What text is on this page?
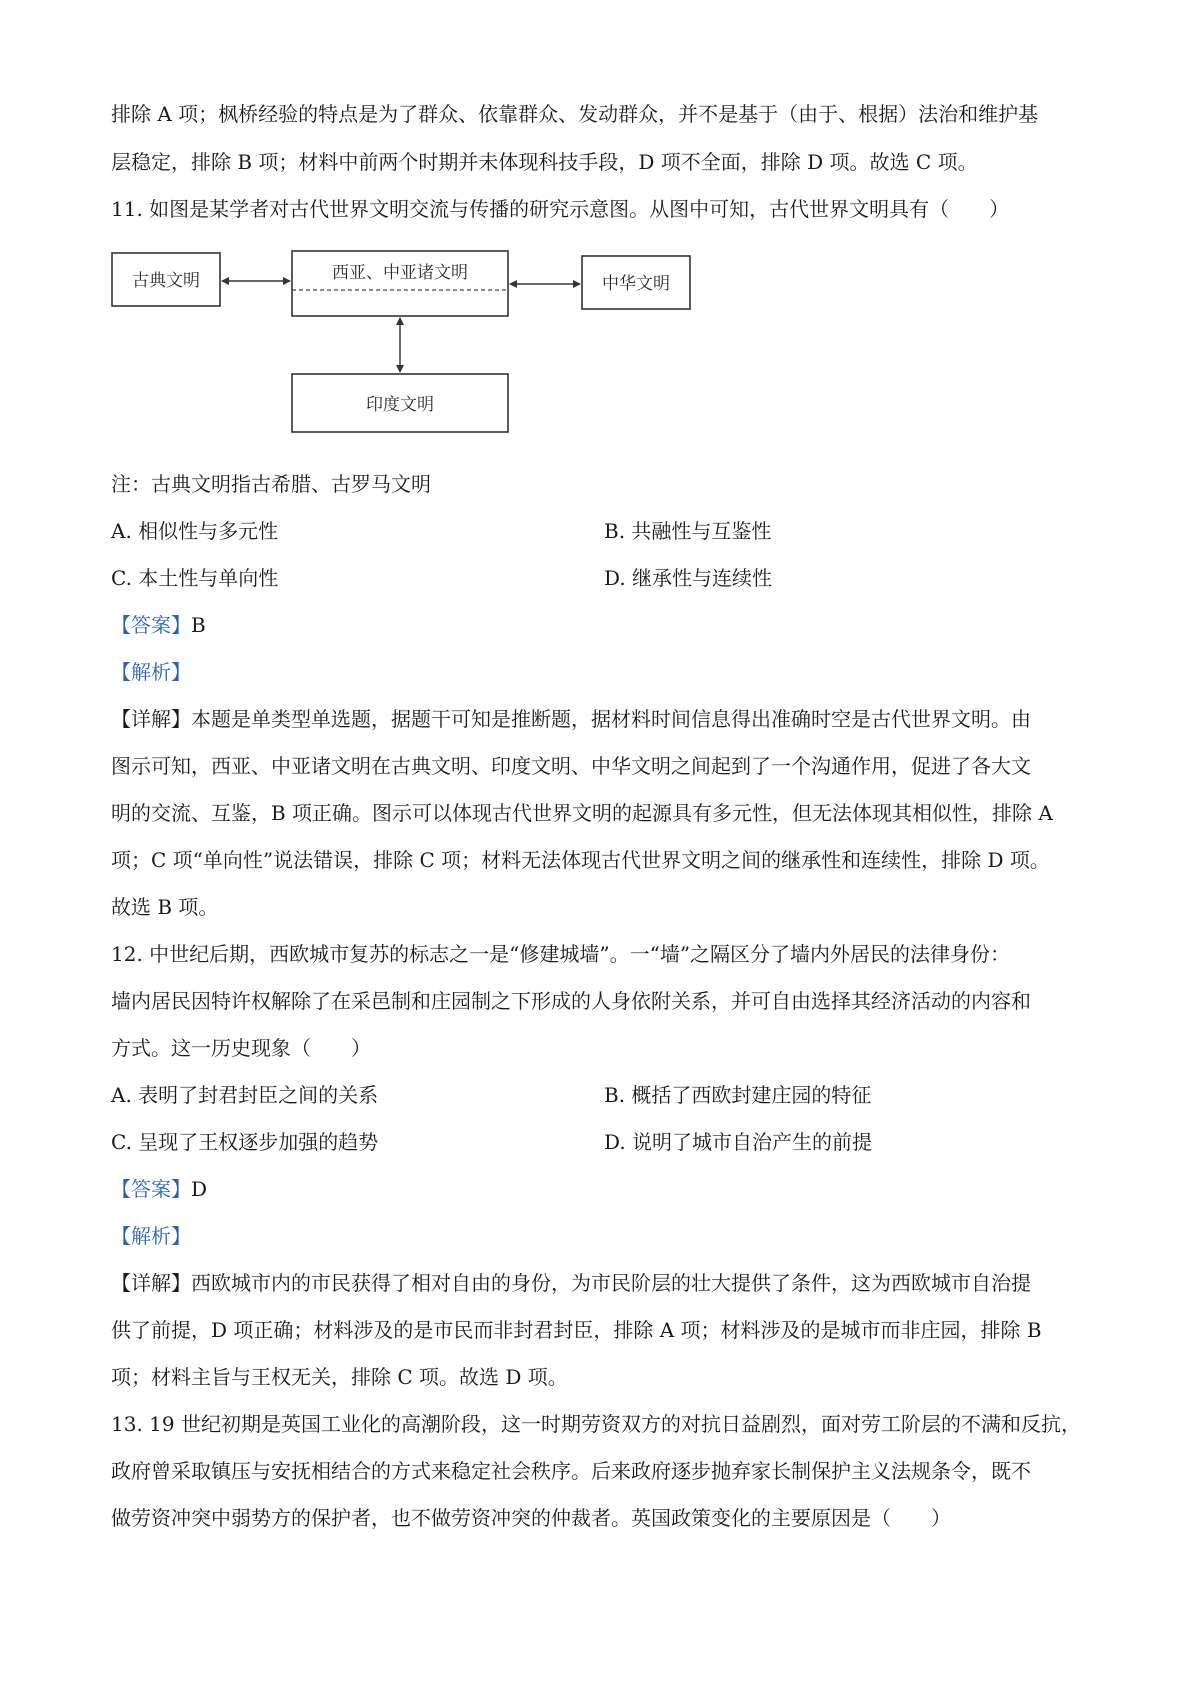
排除 A 项；枫桥经验的特点是为了群众、依靠群众、发动群众，并不是基于（由于、根据）法治和维护基
层稳定，排除 B 项；材料中前两个时期并未体现科技手段，D 项不全面，排除 D 项。故选 C 项。
11. 如图是某学者对古代世界文明交流与传播的研究示意图。从图中可知，古代世界文明具有（　　）
古典文明	西亚、中亚诸文明
中华文明
印度文明
注：古典文明指古希腊、古罗马文明
A. 相似性与多元性	B. 共融性与互鉴性
C. 本土性与单向性	D. 继承性与连续性
【答案】B
【解析】
【详解】本题是单类型单选题，据题干可知是推断题，据材料时间信息得出准确时空是古代世界文明。由
图示可知，西亚、中亚诸文明在古典文明、印度文明、中华文明之间起到了一个沟通作用，促进了各大文
明的交流、互鉴，B 项正确。图示可以体现古代世界文明的起源具有多元性，但无法体现其相似性，排除 A
项；C 项“单向性”说法错误，排除 C 项；材料无法体现古代世界文明之间的继承性和连续性，排除 D 项。
故选 B 项。
12. 中世纪后期，西欧城市复苏的标志之一是“修建城墙”。一“墙”之隔区分了墙内外居民的法律身份：
墙内居民因特许权解除了在采邑制和庄园制之下形成的人身依附关系，并可自由选择其经济活动的内容和
方式。这一历史现象（　　）
A. 表明了封君封臣之间的关系	B. 概括了西欧封建庄园的特征
C. 呈现了王权逐步加强的趋势	D. 说明了城市自治产生的前提
【答案】D
【解析】
【详解】西欧城市内的市民获得了相对自由的身份，为市民阶层的壮大提供了条件，这为西欧城市自治提
供了前提，D 项正确；材料涉及的是市民而非封君封臣，排除 A 项；材料涉及的是城市而非庄园，排除 B
项；材料主旨与王权无关，排除 C 项。故选 D 项。
13. 19 世纪初期是英国工业化的高潮阶段，这一时期劳资双方的对抗日益剧烈，面对劳工阶层的不满和反抗，
政府曾采取镇压与安抚相结合的方式来稳定社会秩序。后来政府逐步抛弃家长制保护主义法规条令，既不
做劳资冲突中弱势方的保护者，也不做劳资冲突的仲裁者。英国政策变化的主要原因是（　　）
